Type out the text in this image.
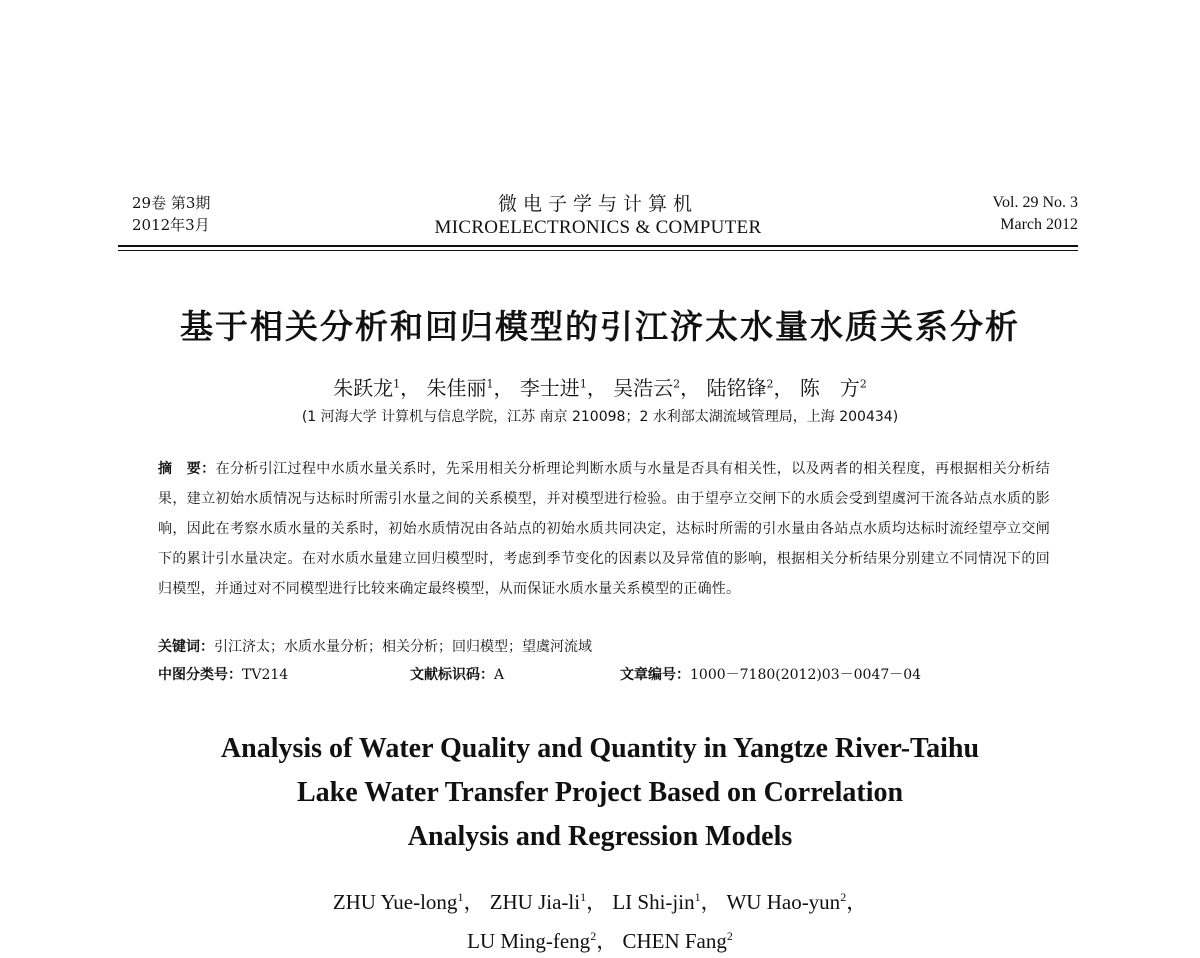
29卷 第3期
2012年3月
微电子学与计算机
MICROELECTRONICS & COMPUTER
Vol. 29 No. 3
March 2012
基于相关分析和回归模型的引江济太水量水质关系分析
朱跃龙$^1$， 朱佳丽$^1$， 李士进$^1$， 吴浩云$^2$， 陆铭锋$^2$， 陈　方$^2$
(1 河海大学 计算机与信息学院，江苏 南京 210098；2 水利部太湖流域管理局，上海 200434)
摘　要：在分析引江过程中水质水量关系时，先采用相关分析理论判断水质与水量是否具有相关性，以及两者的相关程度，再根据相关分析结果，建立初始水质情况与达标时所需引水量之间的关系模型，并对模型进行检验。由于望亭立交闸下的水质会受到望虞河干流各站点水质的影响，因此在考察水质水量的关系时，初始水质情况由各站点的初始水质共同决定，达标时所需的引水量由各站点水质均达标时流经望亭立交闸下的累计引水量决定。在对水质水量建立回归模型时，考虑到季节变化的因素以及异常值的影响，根据相关分析结果分别建立不同情况下的回归模型，并通过对不同模型进行比较来确定最终模型，从而保证水质水量关系模型的正确性。
关键词：引江济太；水质水量分析；相关分析；回归模型；望虞河流域
中图分类号：TV214	文献标识码：A	文章编号：1000－7180(2012)03－0047－04
Analysis of Water Quality and Quantity in Yangtze River-Taihu
Lake Water Transfer Project Based on Correlation
Analysis and Regression Models
ZHU Yue-long$^1$， ZHU Jia-$li^1$， LI Shi-jin$^1$， WU Hao-yun$^2$，
LU Ming-feng$^2$， CHEN Fang$^2$
